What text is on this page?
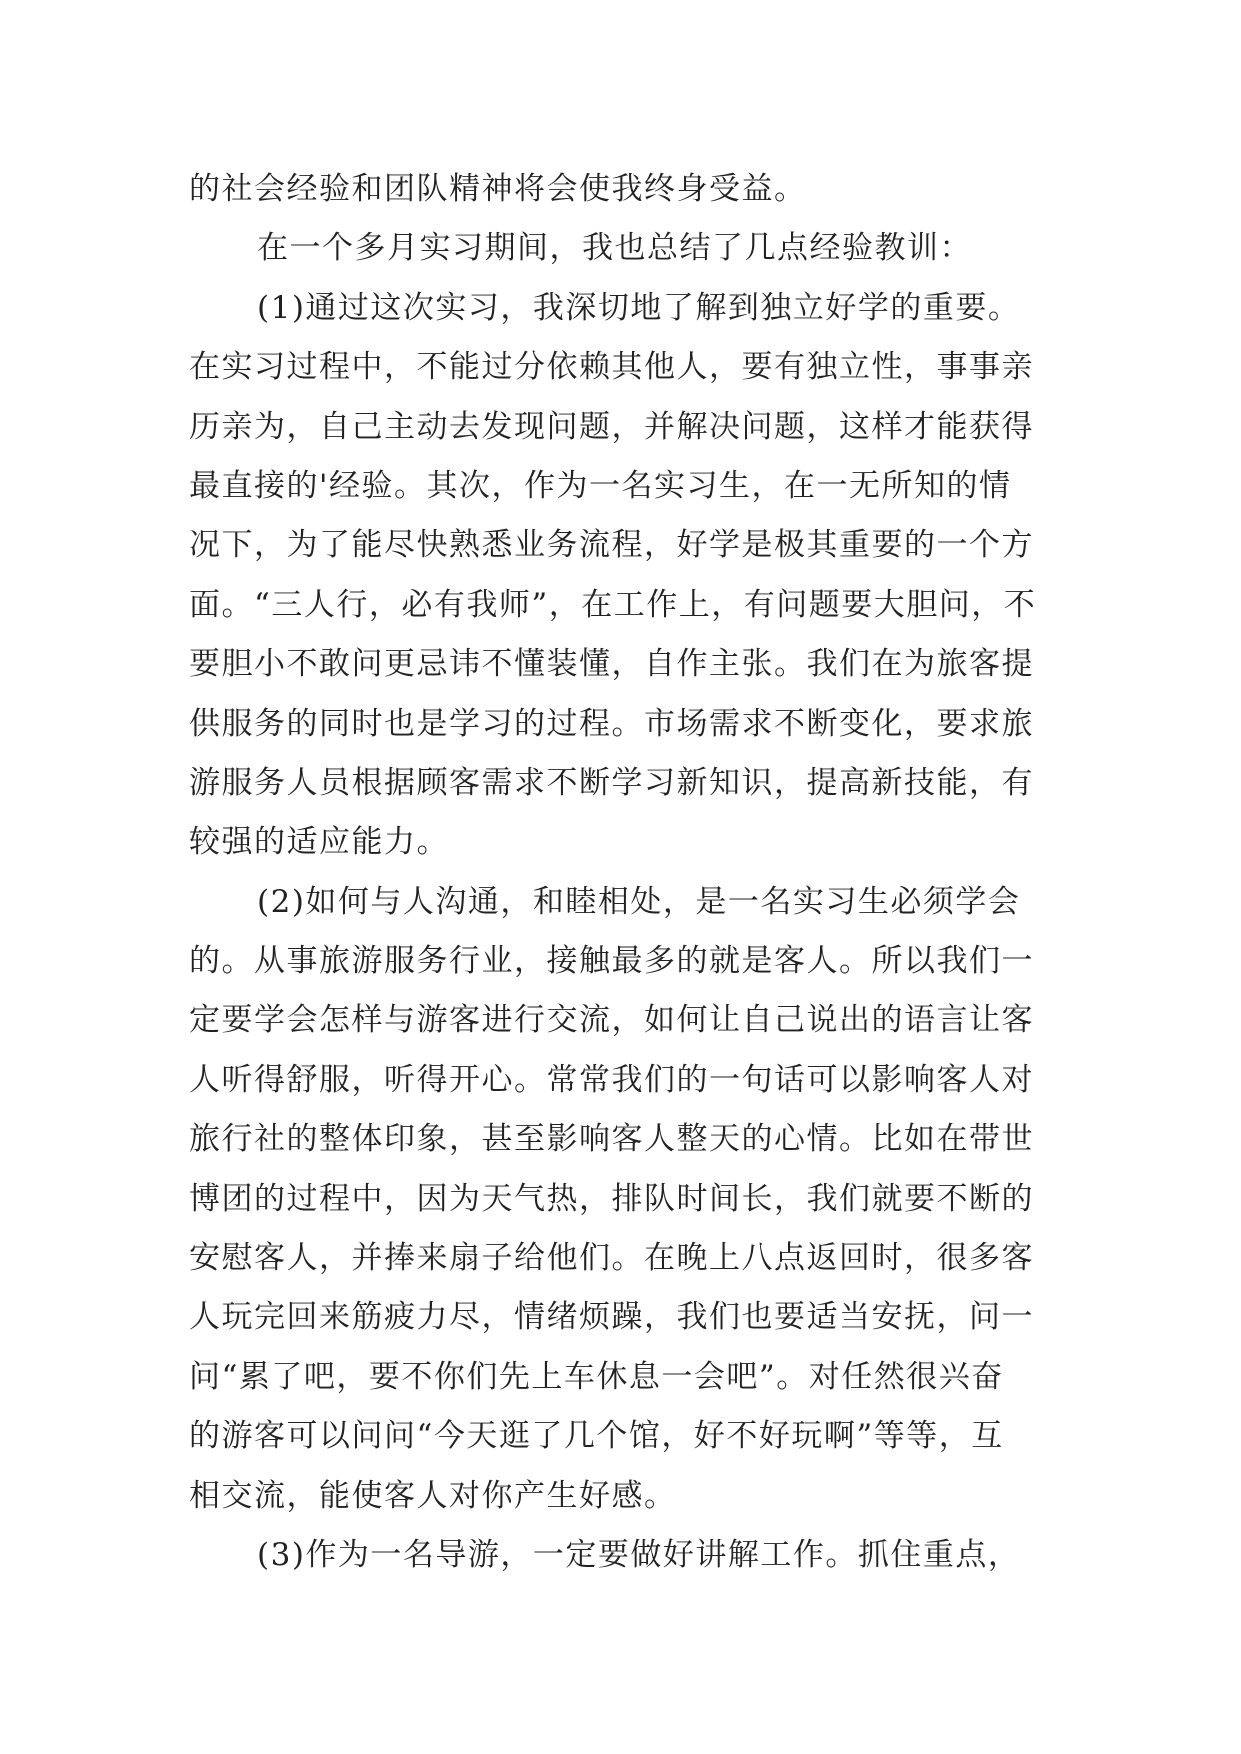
的社会经验和团队精神将会使我终身受益。
在一个多月实习期间，我也总结了几点经验教训：
(1)通过这次实习，我深切地了解到独立好学的重要。
在实习过程中，不能过分依赖其他人，要有独立性，事事亲
历亲为，自己主动去发现问题，并解决问题，这样才能获得
最直接的'经验。其次，作为一名实习生，在一无所知的情
况下，为了能尽快熟悉业务流程，好学是极其重要的一个方
面。“三人行，必有我师”，在工作上，有问题要大胆问，不
要胆小不敢问更忌讳不懂装懂，自作主张。我们在为旅客提
供服务的同时也是学习的过程。市场需求不断变化，要求旅
游服务人员根据顾客需求不断学习新知识，提高新技能，有
较强的适应能力。
(2)如何与人沟通，和睦相处，是一名实习生必须学会
的。从事旅游服务行业，接触最多的就是客人。所以我们一
定要学会怎样与游客进行交流，如何让自己说出的语言让客
人听得舒服，听得开心。常常我们的一句话可以影响客人对
旅行社的整体印象，甚至影响客人整天的心情。比如在带世
博团的过程中，因为天气热，排队时间长，我们就要不断的
安慰客人，并捧来扇子给他们。在晚上八点返回时，很多客
人玩完回来筋疲力尽，情绪烦躁，我们也要适当安抚，问一
问“累了吧，要不你们先上车休息一会吧”。对任然很兴奋
的游客可以问问“今天逛了几个馆，好不好玩啊”等等，互
相交流，能使客人对你产生好感。
(3)作为一名导游，一定要做好讲解工作。抓住重点，
